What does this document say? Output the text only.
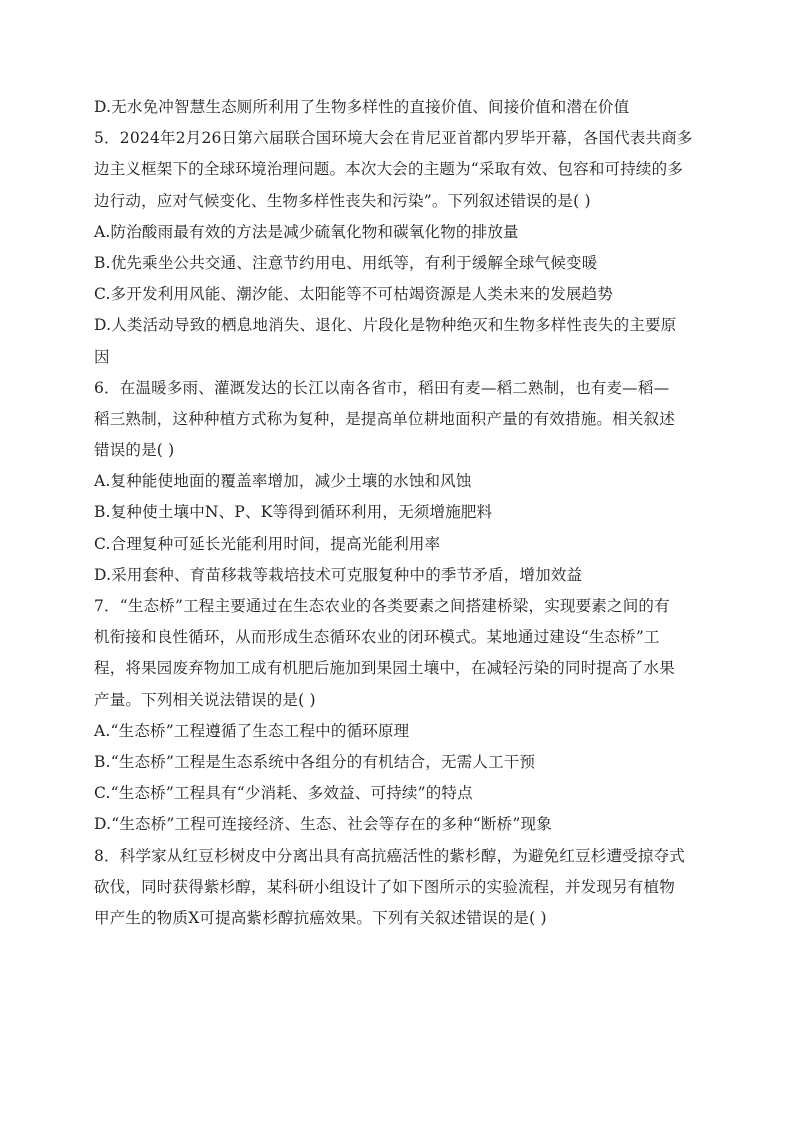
D.无水免冲智慧生态厕所利用了生物多样性的直接价值、间接价值和潜在价值
5．2024年2月26日第六届联合国环境大会在肯尼亚首都内罗毕开幕，各国代表共商多
边主义框架下的全球环境治理问题。本次大会的主题为“采取有效、包容和可持续的多
边行动，应对气候变化、生物多样性丧失和污染”。下列叙述错误的是( )
A.防治酸雨最有效的方法是减少硫氧化物和碳氧化物的排放量
B.优先乘坐公共交通、注意节约用电、用纸等，有利于缓解全球气候变暖
C.多开发利用风能、潮汐能、太阳能等不可枯竭资源是人类未来的发展趋势
D.人类活动导致的栖息地消失、退化、片段化是物种绝灭和生物多样性丧失的主要原
因
6．在温暖多雨、灌溉发达的长江以南各省市，稻田有麦—稻二熟制，也有麦—稻—
稻三熟制，这种种植方式称为复种，是提高单位耕地面积产量的有效措施。相关叙述
错误的是( )
A.复种能使地面的覆盖率增加，减少土壤的水蚀和风蚀
B.复种使土壤中N、P、K等得到循环利用，无须增施肥料
C.合理复种可延长光能利用时间，提高光能利用率
D.采用套种、育苗移栽等栽培技术可克服复种中的季节矛盾，增加效益
7．“生态桥”工程主要通过在生态农业的各类要素之间搭建桥梁，实现要素之间的有
机衔接和良性循环，从而形成生态循环农业的闭环模式。某地通过建设“生态桥”工
程，将果园废弃物加工成有机肥后施加到果园土壤中，在减轻污染的同时提高了水果
产量。下列相关说法错误的是( )
A.“生态桥”工程遵循了生态工程中的循环原理
B.“生态桥”工程是生态系统中各组分的有机结合，无需人工干预
C.“生态桥”工程具有“少消耗、多效益、可持续”的特点
D.“生态桥”工程可连接经济、生态、社会等存在的多种“断桥”现象
8．科学家从红豆杉树皮中分离出具有高抗癌活性的紫杉醇，为避免红豆杉遭受掠夺式
砍伐，同时获得紫杉醇，某科研小组设计了如下图所示的实验流程，并发现另有植物
甲产生的物质X可提高紫杉醇抗癌效果。下列有关叙述错误的是( )
